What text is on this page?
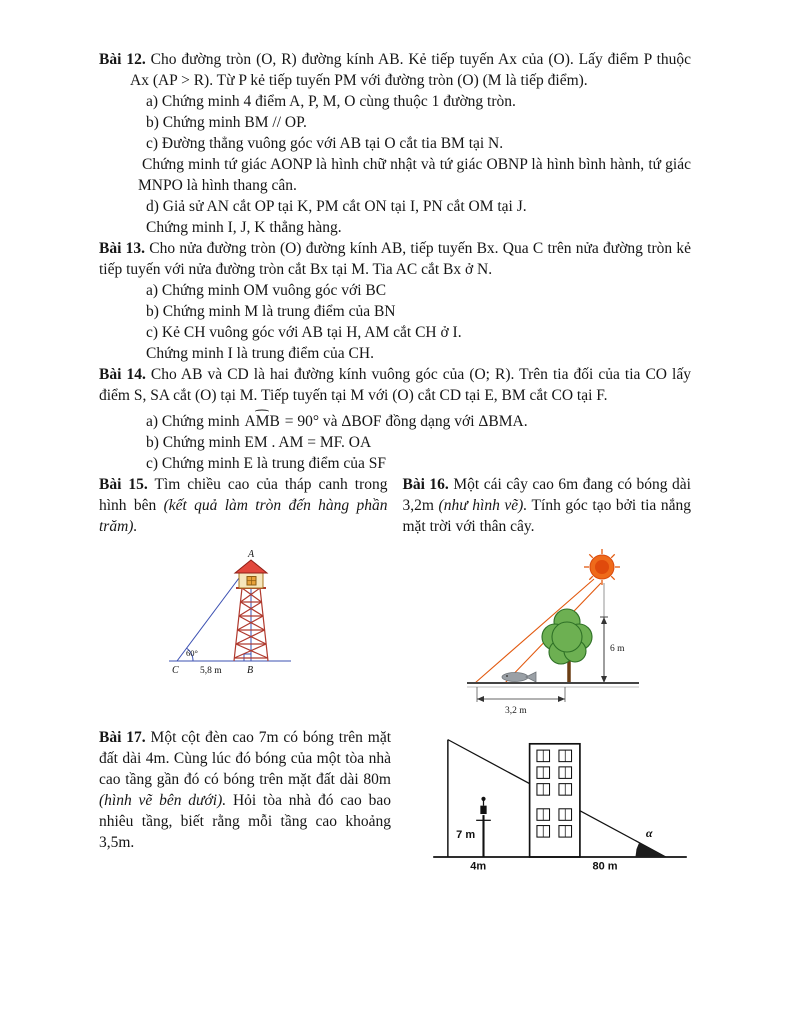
Bài 12. Cho đường tròn (O, R) đường kính AB. Kẻ tiếp tuyến Ax của (O). Lấy điểm P thuộc Ax (AP > R). Từ P kẻ tiếp tuyến PM với đường tròn (O) (M là tiếp điểm).

a) Chứng minh 4 điểm A, P, M, O cùng thuộc 1 đường tròn.

b) Chứng minh BM // OP.

c) Đường thẳng vuông góc với AB tại O cắt tia BM tại N.

Chứng minh tứ giác AONP là hình chữ nhật và tứ giác OBNP là hình bình hành, tứ giác MNPO là hình thang cân.

d) Giả sử AN cắt OP tại K, PM cắt ON tại I, PN cắt OM tại J.

Chứng minh I, J, K thẳng hàng.

Bài 13. Cho nửa đường tròn (O) đường kính AB, tiếp tuyến Bx. Qua C trên nửa đường tròn kẻ tiếp tuyến với nửa đường tròn cắt Bx tại M. Tia AC cắt Bx ở N.

a) Chứng minh OM vuông góc với BC

b) Chứng minh M là trung điểm của BN

c) Kẻ CH vuông góc với AB tại H, AM cắt CH ở I.

Chứng minh I là trung điểm của CH.

Bài 14. Cho AB và CD là hai đường kính vuông góc của (O; R). Trên tia đối của tia CO lấy điểm S, SA cắt (O) tại M. Tiếp tuyến tại M với (O) cắt CD tại E, BM cắt CO tại F.

a) Chứng minh
⌢
AMB = 90° và ΔBOF đồng dạng với ΔBMA.

b) Chứng minh EM . AM = MF. OA

c) Chứng minh E là trung điểm của SF

Bài 15. Tìm chiều cao của tháp canh trong hình bên (kết quả làm tròn đến hàng phần trăm).

A
60°
C 5,8 m	B

Bài 16. Một cái cây cao 6m đang có bóng dài 3,2m (như hình vẽ). Tính góc tạo bởi tia nắng mặt trời với thân cây.

6 m
3,2 m

Bài 17. Một cột đèn cao 7m có bóng trên mặt đất dài 4m. Cùng lúc đó bóng của một tòa nhà cao tầng gần đó có bóng trên mặt đất dài 80m (hình vẽ bên dưới). Hỏi tòa nhà đó cao bao nhiêu tầng, biết rằng mỗi tầng cao khoảng 3,5m.	7 m
4m
α
80 m
